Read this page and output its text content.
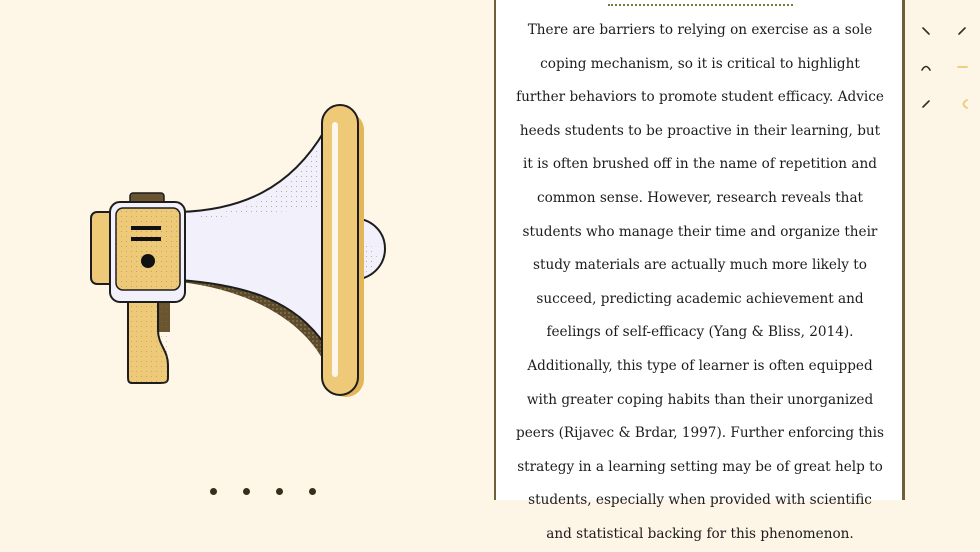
There are barriers to relying on exercise as a sole coping mechanism, so it is critical to highlight further behaviors to promote student efficacy. Advice heeds students to be proactive in their learning, but it is often brushed off in the name of repetition and common sense. However, research reveals that students who manage their time and organize their study materials are actually much more likely to succeed, predicting academic achievement and feelings of self-efficacy (Yang & Bliss, 2014). Additionally, this type of learner is often equipped with greater coping habits than their unorganized peers (Rijavec & Brdar, 1997). Further enforcing this strategy in a learning setting may be of great help to students, especially when provided with scientific and statistical backing for this phenomenon.
